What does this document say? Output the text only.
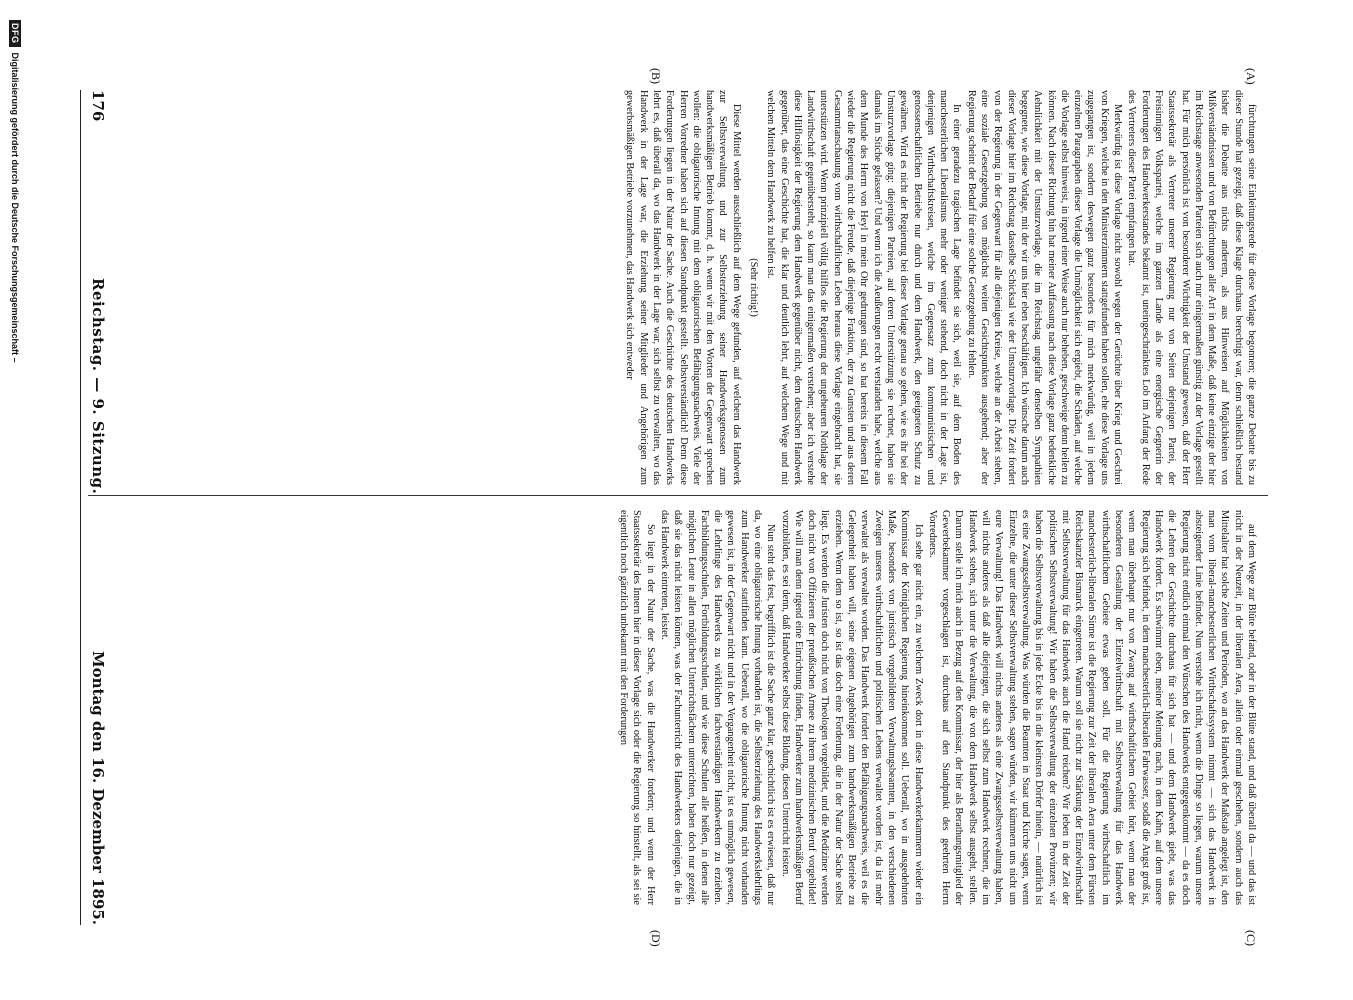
176
Reichstag. — 9. Sitzung.
Montag den 16. Dezember 1895.
(A)
(B)
(C)
(D)

fürchtungen seine Einleitungsrede für diese Vorlage begonnen; die ganze Debatte bis zu dieser Stunde hat gezeigt, daß diese Klage durchaus berechtigt war, denn schließlich bestand bisher die Debatte aus nichts anderem, als aus Hinweisen auf Möglichkeiten von Mißverständnissen und von Befürchtungen aller Art in dem Maße, daß keine einzige der hier im Reichstage anwesenden Parteien sich auch nur einigermaßen günstig zu der Vorlage gestellt hat. Für mich persönlich ist von besonderer Wichtigkeit der Umstand gewesen, daß der Herr Staatssekretär als Vertreter unserer Regierung nur von Seiten derjenigen Partei, der Freisinnigen Volkspartei, welche im ganzen Lande als eine energische Gegnerin der Forderungen des Handwerkerstandes bekannt ist, uneingeschränktes Lob im Anfang der Rede des Vertreters dieser Partei empfangen hat.

Merkwürdig ist diese Vorlage nicht sowohl wegen der Gerüchte über Krieg und Geschrei von Kriegen, welche in den Ministerzimmern stattgefunden haben sollen, ehe diese Vorlage uns zugegangen ist, sondern deswegen ganz besonders für mich merkwürdig, weil in jedem einzelnen Paragraphen dieser Vorlage die Unmöglichkeit sich ergiebt, die Schäden, auf welche die Vorlage selbst hinweist, in irgend einer Weise auch nur beheben, geschweige denn heilen zu können. Nach dieser Richtung hin hat meiner Auffassung nach diese Vorlage ganz bedenkliche Aehnlichkeit mit der Umsturzvorlage, die im Reichstag ungefähr denselben Sympathien begegnete, wie diese Vorlage, mit der wir uns hier eben beschäftigen. Ich wünsche darum auch dieser Vorlage hier im Reichstag dasselbe Schicksal wie der Umsturzvorlage. Die Zeit fordert von der Regierung in der Gegenwart für alle diejenigen Kreise, welche an der Arbeit stehen, eine soziale Gesetzgebung von möglichst weiten Gesichtspunkten ausgehend; aber der Regierung scheint der Bedarf für eine solche Gesetzgebung zu fehlen.

In einer geradezu tragischen Lage befindet sie sich, weil sie, auf dem Boden des manchesterlichen Liberalismus mehr oder weniger stehend, doch nicht in der Lage ist, denjenigen Wirthschaftskreisen, welche im Gegensatz zum kommunistischen und genossenschaftlichen Betriebe nur durch und dem Handwerk, den geeigneten Schutz zu gewähren. Wird es nicht der Regierung bei dieser Vorlage genau so gehen, wie es ihr bei der Umsturzvorlage ging: diejenigen Parteien, auf deren Unterstützung sie rechnet, haben sie damals im Stiche gelassen? Und wenn ich die Aeußerungen recht verstanden habe, welche aus dem Munde des Herrn von Heyl in mein Ohr gedrungen sind, so hat bereits in diesem Fall wieder die Regierung nicht die Freude, daß diejenige Fraktion, der zu Gunsten und aus deren Gesammtanschauung vom wirthschaftlichen Leben heraus diese Vorlage eingebracht hat, sie unterstützen wird. Wenn prinzipiell völlig hilflos die Regierung der ungeheuren Nothlage der Landwirthschaft gegenübersteht, so kann man das einigermaßen verstehen; aber ich verstehe diese Hilflosigkeit der Regierung dem Handwerk gegenüber nicht, dem deutschen Handwerk gegenüber, das eine Geschichte hat, die klar und deutlich lehrt, auf welchem Wege und mit welchen Mitteln dem Handwerk zu helfen ist.

(Sehr richtig!)

Diese Mittel werden ausschließlich auf dem Wege gefunden, auf welchem das Handwerk zur Selbstverwaltung und zur Selbsterziehung seiner Handwerksgenossen zum handwerksmäßigen Betrieb kommt, d. h. wenn wir mit den Worten der Gegenwart sprechen wollen: die obligatorische Innung mit dem obligatorischen Befähigungsnachweis. Viele der Herren Vorredner haben sich auf diesen Standpunkt gestellt. Selbstverständlich! Denn diese Forderungen liegen in der Natur der Sache. Auch die Geschichte des deutschen Handwerks lehrt es, daß überall da, wo das Handwerk in der Lage war, sich selbst zu verwalten, wo das Handwerk in der Lage war, die Erziehung seiner Mitglieder und Angehörigen zum gewerbsmäßigen Betriebe vorzunehmen, das Handwerk sich entweder

auf dem Wege zur Blüte befand, oder in der Blüte stand, und daß überall da — und das ist nicht in der Neuzeit, in der liberalen Aera, allein oder einmal geschehen, sondern auch das Mittelalter hat solche Zeiten und Perioden, wo an das Handwerk der Maßstab angelegt ist, den man vom liberal-manchesterlichen Wirthschaftssystem nimmt — sich das Handwerk in absteigender Linie befindet. Nun verstehe ich nicht, wenn die Dinge so liegen, warum unsere Regierung nicht endlich einmal den Wünschen des Handwerks entgegenkommt — da es doch die Lehren der Geschichte durchaus für sich hat — und dem Handwerk giebt, was das Handwerk fordert. Es schwimmt eben, meiner Meinung nach, in dem Kahn, auf dem unsere Regierung sich befindet, in dem manchesterlich-liberalen Fahrwasser, sodaß die Angst groß ist, wenn man überhaupt nur von Zwang auf wirthschaftlichem Gebiet hört, wenn man der besonderen Gestaltung der Einzelwirthschaft mit Selbstverwaltung für das Handwerk wirthschaftlichem Gebiete etwas geben soll. Für die Regierung wirthschaftlich im manchesterlich-liberalen Sinne ist die Regierung zur Zeit der liberalen Aera unter dem Fürsten Reichskanzler Bismarck eingetreten. Warum soll sie nicht zur Stärkung der Einzelwirthschaft mit Selbstverwaltung für das Handwerk auch die Hand reichen? Wir leben in der Zeit der politischen Selbstverwaltung! Wir haben die Selbstverwaltung der einzelnen Provinzen; wir haben die Selbstverwaltung bis in jede Ecke bis in die kleinsten Dörfer hinein, — natürlich ist es eine Zwangsselbstverwaltung. Was würden die Beamten in Staat und Kirche sagen, wenn Einzelne, die unter dieser Selbstverwaltung stehen, sagen würden, wir kümmern uns nicht um eure Verwaltung! Das Handwerk will nichts anderes als eine Zwangsselbstverwaltung haben, will nichts anderes als daß alle diejenigen, die sich selbst zum Handwerk rechnen, die im Handwerk stehen, sich unter die Verwaltung, die von dem Handwerk selbst ausgeht, stellen. Darum stelle ich mich auch in Bezug auf den Kommissar, der hier als Berathungsmitglied der Gewerbekammer vorgeschlagen ist, durchaus auf den Standpunkt des geehrten Herrn Vorredners.

Ich sehe gar nicht ein, zu welchem Zweck dort in diese Handwerkerkammern wieder ein Kommissar der Königlichen Regierung hineinkommen soll. Ueberall, wo in ausgedehnten Maße, besonders von juristisch vorgebildeten Verwaltungsbeamten, in den verschiedenen Zweigen unseres wirthschaftlichen und politischen Lebens verwaltet worden ist, da ist mehr verwaltet als verwaltet worden. Das Handwerk fordert den Befähigungsnachweis, weil es die Gelegenheit haben will, seine eigenen Angehörigen zum handwerksmäßigen Betriebe zu erziehen. Wenn dem so ist, so ist das doch eine Forderung, die in der Natur der Sache selbst liegt. Es werden die Juristen doch nicht von Theologen vorgebildet, und die Mediziner werden doch nicht von Offizieren der preußischen Armee zu ihrem medizinischen Beruf vorgebildet! Wie will man denn irgend eine Einrichtung finden, Handwerker zum handwerksmäßigen Beruf vorzubilden, es sei denn, daß Handwerker selbst diese Bildung, diesen Unterricht leisten.

Nun steht das fest, begrifflich ist die Sache ganz klar, geschichtlich ist es erwiesen, daß nur da, wo eine obligatorische Innung vorhanden ist, die Selbsterziehung des Handwerkslehrlings zum Handwerker stattfinden kann. Ueberall, wo die obligatorische Innung nicht vorhanden gewesen ist, in der Gegenwart nicht und in der Vergangenheit nicht, ist es unmöglich gewesen, die Lehrlinge des Handwerks zu wirklichen fachverständigen Handwerkern zu erziehen. Fachbildungsschulen, Fortbildungsschulen, und wie diese Schulen alle heißen, in denen alle möglichen Leute in allen möglichen Unterrichtsfächern unterrichten, haben doch nur gezeigt, daß sie das nicht leisten können, was der Fachunterricht des Handwerkers denjenigen, die in das Handwerk eintreten, leistet.

So liegt in der Natur der Sache, was die Handwerker fordern; und wenn der Herr Staatssekretär des Innern hier in dieser Vorlage sich oder die Regierung so hinstellt, als sei sie eigentlich noch gänzlich unbekannt mit den Forderungen

DFG
Digitalisierung gefördert durch die Deutsche Forschungsgemeinschaft –
